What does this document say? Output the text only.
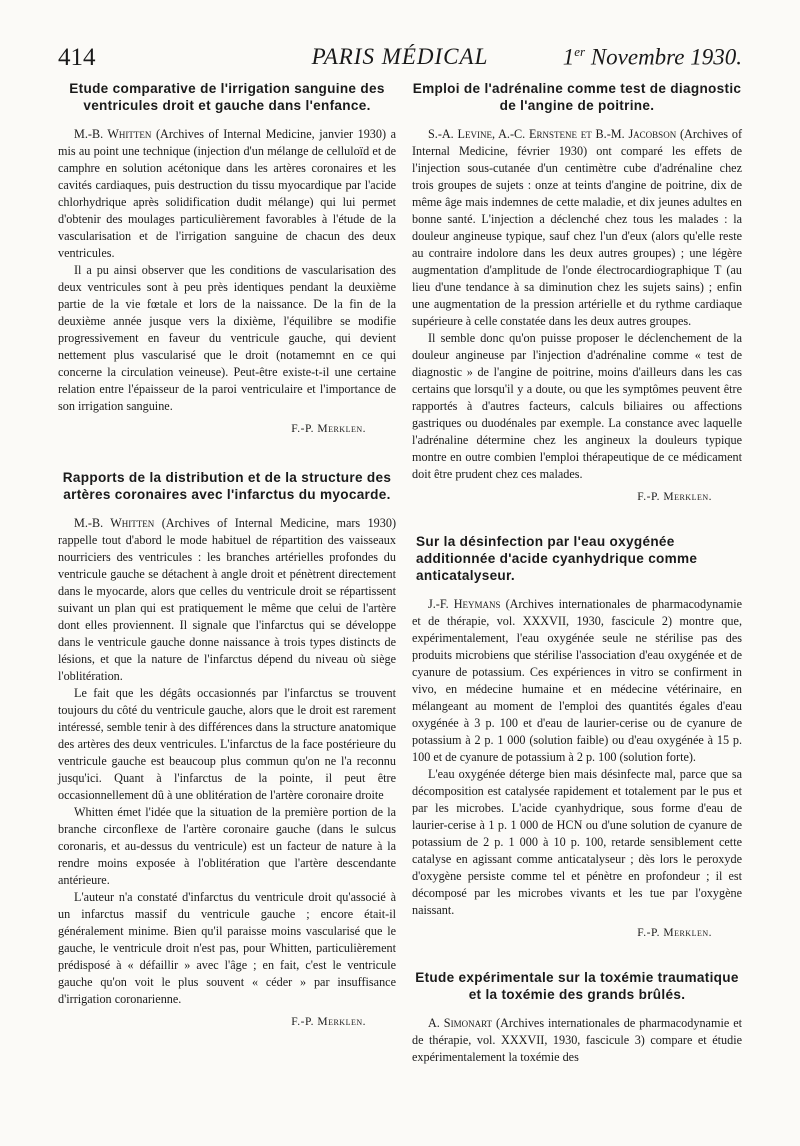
414	PARIS MÉDICAL	1er Novembre 1930.
Etude comparative de l'irrigation sanguine des ventricules droit et gauche dans l'enfance.

M.-B. Whitten (Archives of Internal Medicine, janvier 1930) a mis au point une technique (injection d'un mélange de celluloïd et de camphre en solution acétonique dans les artères coronaires et les cavités cardiaques, puis destruction du tissu myocardique par l'acide chlorhydrique après solidification dudit mélange) qui lui permet d'obtenir des moulages particulièrement favorables à l'étude de la vascularisation et de l'irrigation sanguine de chacun des deux ventricules.

Il a pu ainsi observer que les conditions de vascularisation des deux ventricules sont à peu près identiques pendant la deuxième partie de la vie fœtale et lors de la naissance. De la fin de la deuxième année jusque vers la dixième, l'équilibre se modifie progressivement en faveur du ventricule gauche, qui devient nettement plus vascularisé que le droit (notamemnt en ce qui concerne la circulation veineuse). Peut-être existe-t-il une certaine relation entre l'épaisseur de la paroi ventriculaire et l'importance de son irrigation sanguine.

F.-P. Merklen.
Rapports de la distribution et de la structure des artères coronaires avec l'infarctus du myocarde.

M.-B. Whitten (Archives of Internal Medicine, mars 1930) rappelle tout d'abord le mode habituel de répartition des vaisseaux nourriciers des ventricules : les branches artérielles profondes du ventricule gauche se détachent à angle droit et pénètrent directement dans le myocarde, alors que celles du ventricule droit se répartissent suivant un plan qui est pratiquement le même que celui de l'artère dont elles proviennent. Il signale que l'infarctus qui se développe dans le ventricule gauche donne naissance à trois types distincts de lésions, et que la nature de l'infarctus dépend du niveau où siège l'oblitération.

Le fait que les dégâts occasionnés par l'infarctus se trouvent toujours du côté du ventricule gauche, alors que le droit est rarement intéressé, semble tenir à des différences dans la structure anatomique des artères des deux ventricules. L'infarctus de la face postérieure du ventricule gauche est beaucoup plus commun qu'on ne l'a reconnu jusqu'ici. Quant à l'infarctus de la pointe, il peut être occasionnellement dû à une oblitération de l'artère coronaire droite

Whitten émet l'idée que la situation de la première portion de la branche circonflexe de l'artère coronaire gauche (dans le sulcus coronaris, et au-dessus du ventricule) est un facteur de nature à la rendre moins exposée à l'oblitération que l'artère descendante antérieure.

L'auteur n'a constaté d'infarctus du ventricule droit qu'associé à un infarctus massif du ventricule gauche ; encore était-il généralement minime. Bien qu'il paraisse moins vascularisé que le gauche, le ventricule droit n'est pas, pour Whitten, particulièrement prédisposé à « défaillir » avec l'âge ; en fait, c'est le ventricule gauche qu'on voit le plus souvent « céder » par insuffisance d'irrigation coronarienne.

F.-P. Merklen.
Emploi de l'adrénaline comme test de diagnostic de l'angine de poitrine.

S.-A. Levine, A.-C. Ernstene et B.-M. Jacobson (Archives of Internal Medicine, février 1930) ont comparé les effets de l'injection sous-cutanée d'un centimètre cube d'adrénaline chez trois groupes de sujets : onze at teints d'angine de poitrine, dix de même âge mais indemnes de cette maladie, et dix jeunes adultes en bonne santé. L'injection a déclenché chez tous les malades : la douleur angineuse typique, sauf chez l'un d'eux (alors qu'elle reste au contraire indolore dans les deux autres groupes) ; une légère augmentation d'amplitude de l'onde électrocardiographique T (au lieu d'une tendance à sa diminution chez les sujets sains) ; enfin une augmentation de la pression artérielle et du rythme cardiaque supérieure à celle constatée dans les deux autres groupes.

Il semble donc qu'on puisse proposer le déclenchement de la douleur angineuse par l'injection d'adrénaline comme « test de diagnostic » de l'angine de poitrine, moins d'ailleurs dans les cas certains que lorsqu'il y a doute, ou que les symptômes peuvent être rapportés à d'autres facteurs, calculs biliaires ou affections gastriques ou duodénales par exemple. La constance avec laquelle l'adrénaline détermine chez les angineux la douleurs typique montre en outre combien l'emploi thérapeutique de ce médicament doit être prudent chez ces malades.

F.-P. Merklen.
Sur la désinfection par l'eau oxygénée additionnée d'acide cyanhydrique comme anticatalyseur.

J.-F. Heymans (Archives internationales de pharmacodynamie et de thérapie, vol. XXXVII, 1930, fascicule 2) montre que, expérimentalement, l'eau oxygénée seule ne stérilise pas des produits microbiens que stérilise l'association d'eau oxygénée et de cyanure de potassium. Ces expériences in vitro se confirment in vivo, en médecine humaine et en médecine vétérinaire, en mélangeant au moment de l'emploi des quantités égales d'eau oxygénée à 3 p. 100 et d'eau de laurier-cerise ou de cyanure de potassium à 2 p. 1 000 (solution faible) ou d'eau oxygénée à 15 p. 100 et de cyanure de potassium à 2 p. 100 (solution forte).

L'eau oxygénée déterge bien mais désinfecte mal, parce que sa décomposition est catalysée rapidement et totalement par le pus et par les microbes. L'acide cyanhydrique, sous forme d'eau de laurier-cerise à 1 p. 1 000 de HCN ou d'une solution de cyanure de potassium de 2 p. 1 000 à 10 p. 100, retarde sensiblement cette catalyse en agissant comme anticatalyseur ; dès lors le peroxyde d'oxygène persiste comme tel et pénètre en profondeur ; il est décomposé par les microbes vivants et les tue par l'oxygène naissant.

F.-P. Merklen.
Etude expérimentale sur la toxémie traumatique et la toxémie des grands brûlés.

A. Simonart (Archives internationales de pharmacodynamie et de thérapie, vol. XXXVII, 1930, fascicule 3) compare et étudie expérimentalement la toxémie des
